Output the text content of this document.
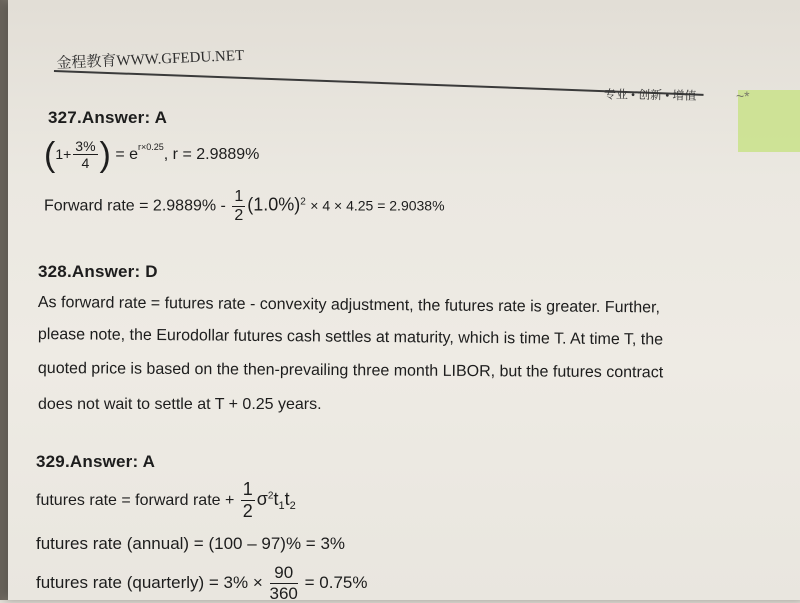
~*
金程教育WWW.GFEDU.NET
专业 • 创新 • 增值
327.Answer: A
($1+ \frac{3\%}{4}$ ) = $e^{r\times 0.25}$, r = 2.9889%
Forward rate = $2.9889\% - \frac{1}{2} (1.0\%)^2 \times 4 \times 4.25 = 2.9038\%$
328.Answer: D
As forward rate = futures rate - convexity adjustment, the futures rate is greater. Further,
please note, the Eurodollar futures cash settles at maturity, which is time T. At time T, the
quoted price is based on the then-prevailing three month LIBOR, but the futures contract
does not wait to settle at T + 0.25 years.
329.Answer: A
futures rate = forward rate + $\frac{1}{2} \sigma^2t_1t_2$
futures rate (annual) = (100 – 97)% = 3%
futures rate (quarterly) = $3\% \times \frac{90}{360} = 0.75\%$
